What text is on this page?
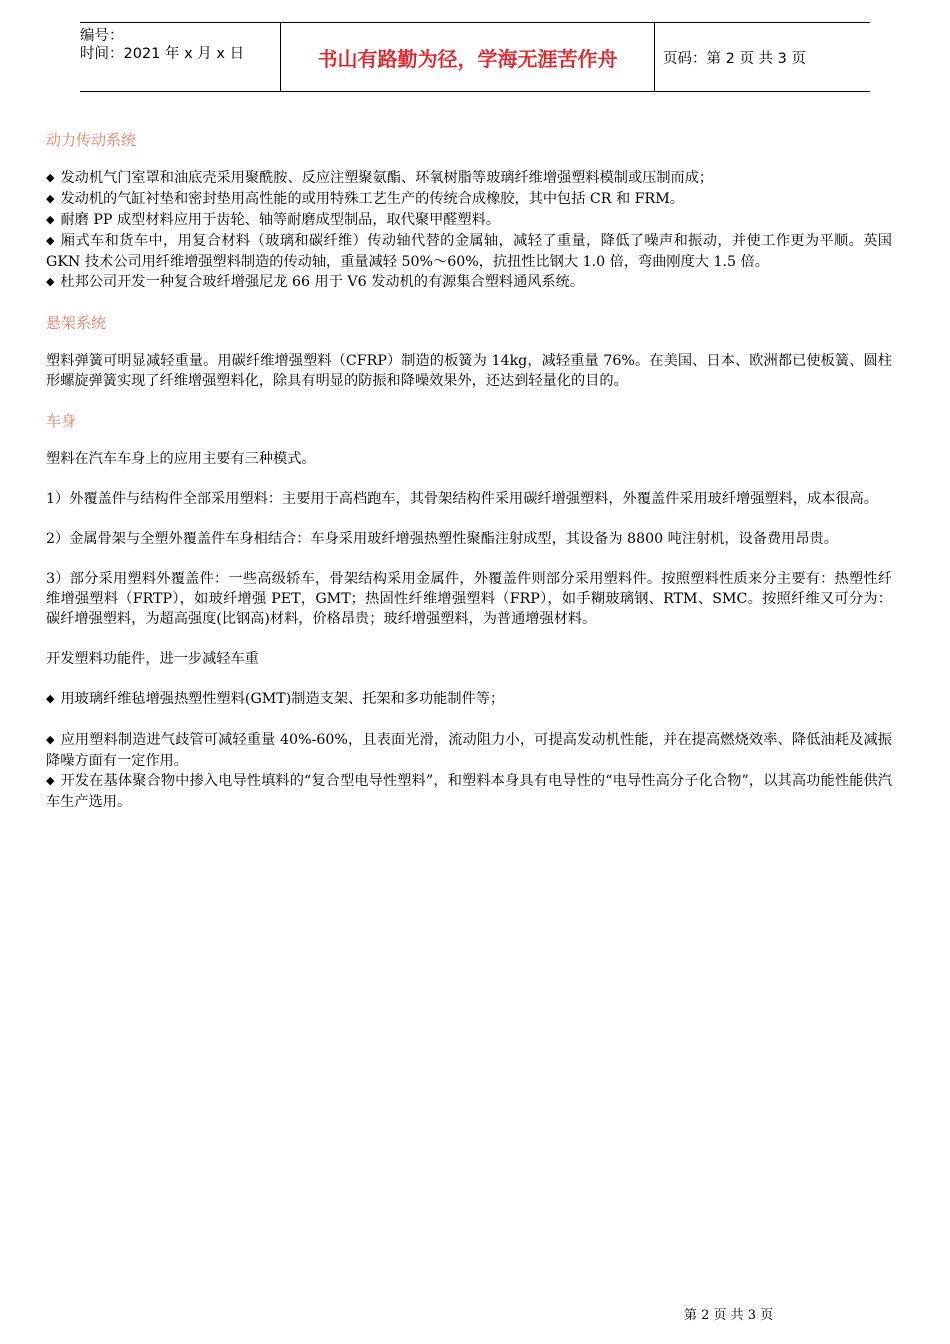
编号：
时间：2021 年 x 月 x 日	书山有路勤为径，学海无涯苦作舟	页码：第 2 页 共 3 页

动力传动系统

◆ 发动机气门室罩和油底壳采用聚酰胺、反应注塑聚氨酯、环氧树脂等玻璃纤维增强塑料模制或压制而成；

◆ 发动机的气缸衬垫和密封垫用高性能的或用特殊工艺生产的传统合成橡胶，其中包括 CR 和 FRM。

◆ 耐磨 PP 成型材料应用于齿轮、轴等耐磨成型制品，取代聚甲醛塑料。

◆ 厢式车和货车中，用复合材料（玻璃和碳纤维）传动轴代替的金属轴，减轻了重量，降低了噪声和振动，并使工作更为平顺。英国 GKN 技术公司用纤维增强塑料制造的传动轴，重量减轻 50%～60%，抗扭性比钢大 1.0 倍，弯曲刚度大 1.5 倍。

◆ 杜邦公司开发一种复合玻纤增强尼龙 66 用于 V6 发动机的有源集合塑料通风系统。

悬架系统

塑料弹簧可明显减轻重量。用碳纤维增强塑料（CFRP）制造的板簧为 14kg，减轻重量 76%。在美国、日本、欧洲都已使板簧、圆柱形螺旋弹簧实现了纤维增强塑料化，除具有明显的防振和降噪效果外，还达到轻量化的目的。

车身

塑料在汽车车身上的应用主要有三种模式。

1）外覆盖件与结构件全部采用塑料：主要用于高档跑车，其骨架结构件采用碳纤增强塑料，外覆盖件采用玻纤增强塑料，成本很高。

2）金属骨架与全塑外覆盖件车身相结合：车身采用玻纤增强热塑性聚酯注射成型，其设备为 8800 吨注射机，设备费用昂贵。

3）部分采用塑料外覆盖件：一些高级轿车，骨架结构采用金属件，外覆盖件则部分采用塑料件。按照塑料性质来分主要有：热塑性纤维增强塑料（FRTP），如玻纤增强 PET，GMT；热固性纤维增强塑料（FRP），如手糊玻璃钢、RTM、SMC。按照纤维又可分为：碳纤增强塑料，为超高强度(比钢高)材料，价格昂贵；玻纤增强塑料，为普通增强材料。

开发塑料功能件，进一步减轻车重

◆ 用玻璃纤维毡增强热塑性塑料(GMT)制造支架、托架和多功能制件等；

◆ 应用塑料制造进气歧管可减轻重量 40%-60%，且表面光滑，流动阻力小，可提高发动机性能，并在提高燃烧效率、降低油耗及减振降噪方面有一定作用。

◆ 开发在基体聚合物中掺入电导性填料的“复合型电导性塑料”，和塑料本身具有电导性的“电导性高分子化合物”，以其高功能性能供汽车生产选用。

第 2 页 共 3 页
